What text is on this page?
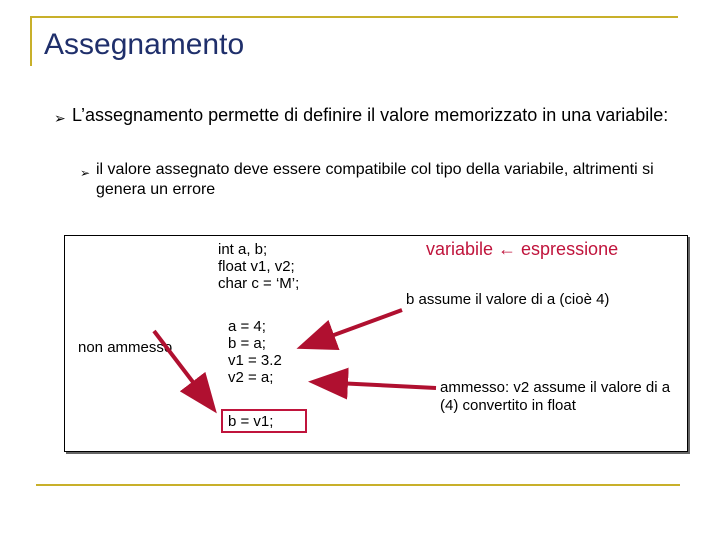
Assegnamento
➢ L’assegnamento permette di definire il valore memorizzato in una variabile:
➢ il valore assegnato deve essere compatibile col tipo della variabile, altrimenti si genera un errore
int a, b;
float v1, v2;
char c = ‘M’;
a = 4;
b = a;
v1 = 3.2
v2 = a;
b = v1;
non ammesso
variabile ← espressione
b assume il valore di a (cioè 4)
ammesso: v2 assume il valore di a (4) convertito in float
